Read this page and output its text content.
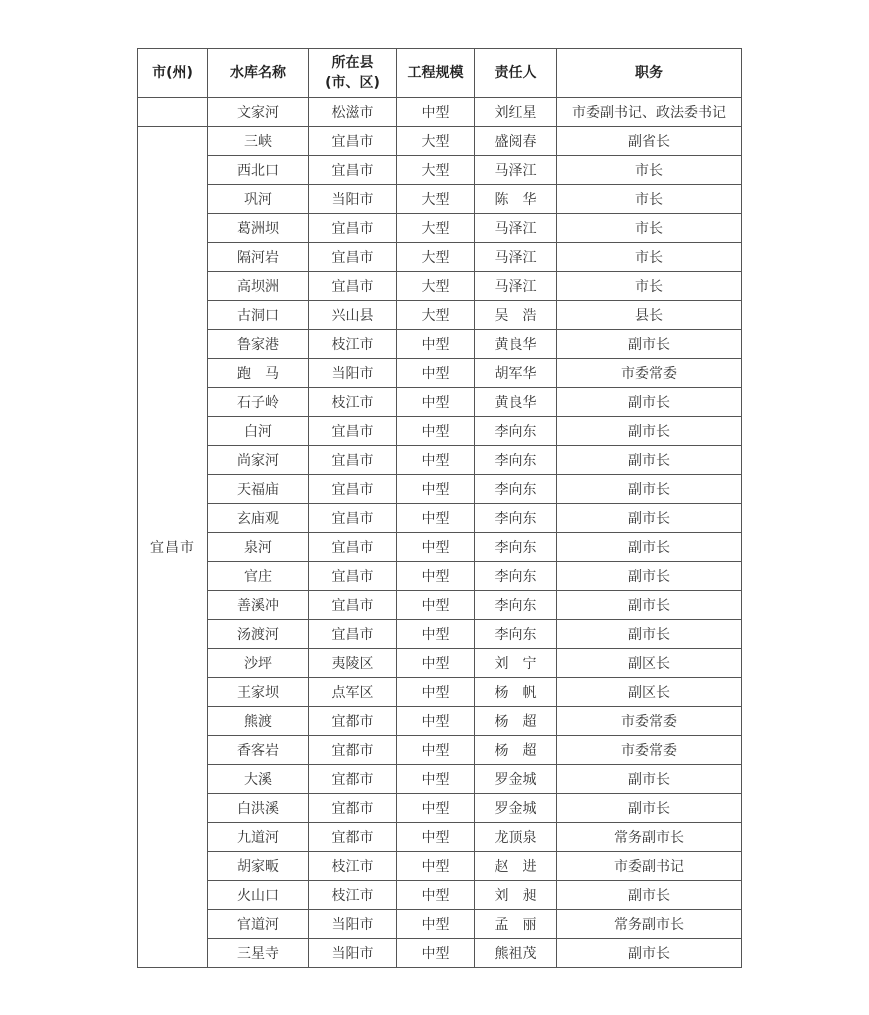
市(州)	水库名称	所在县
(市、区)	工程规模	责任人	职务
	文家河	松滋市	中型	刘红星	市委副书记、政法委书记
宜昌市	三峡	宜昌市	大型	盛阅春	副省长
	西北口	宜昌市	大型	马泽江	市长
	巩河	当阳市	大型	陈　华	市长
	葛洲坝	宜昌市	大型	马泽江	市长
	隔河岩	宜昌市	大型	马泽江	市长
	高坝洲	宜昌市	大型	马泽江	市长
	古洞口	兴山县	大型	吴　浩	县长
	鲁家港	枝江市	中型	黄良华	副市长
	跑　马	当阳市	中型	胡军华	市委常委
	石子岭	枝江市	中型	黄良华	副市长
	白河	宜昌市	中型	李向东	副市长
	尚家河	宜昌市	中型	李向东	副市长
	天福庙	宜昌市	中型	李向东	副市长
	玄庙观	宜昌市	中型	李向东	副市长
	泉河	宜昌市	中型	李向东	副市长
	官庄	宜昌市	中型	李向东	副市长
	善溪冲	宜昌市	中型	李向东	副市长
	汤渡河	宜昌市	中型	李向东	副市长
	沙坪	夷陵区	中型	刘　宁	副区长
	王家坝	点军区	中型	杨　帆	副区长
	熊渡	宜都市	中型	杨　超	市委常委
	香客岩	宜都市	中型	杨　超	市委常委
	大溪	宜都市	中型	罗金城	副市长
	白洪溪	宜都市	中型	罗金城	副市长
	九道河	宜都市	中型	龙顶泉	常务副市长
	胡家畈	枝江市	中型	赵　进	市委副书记
	火山口	枝江市	中型	刘　昶	副市长
	官道河	当阳市	中型	孟　丽	常务副市长
	三星寺	当阳市	中型	熊祖茂	副市长
